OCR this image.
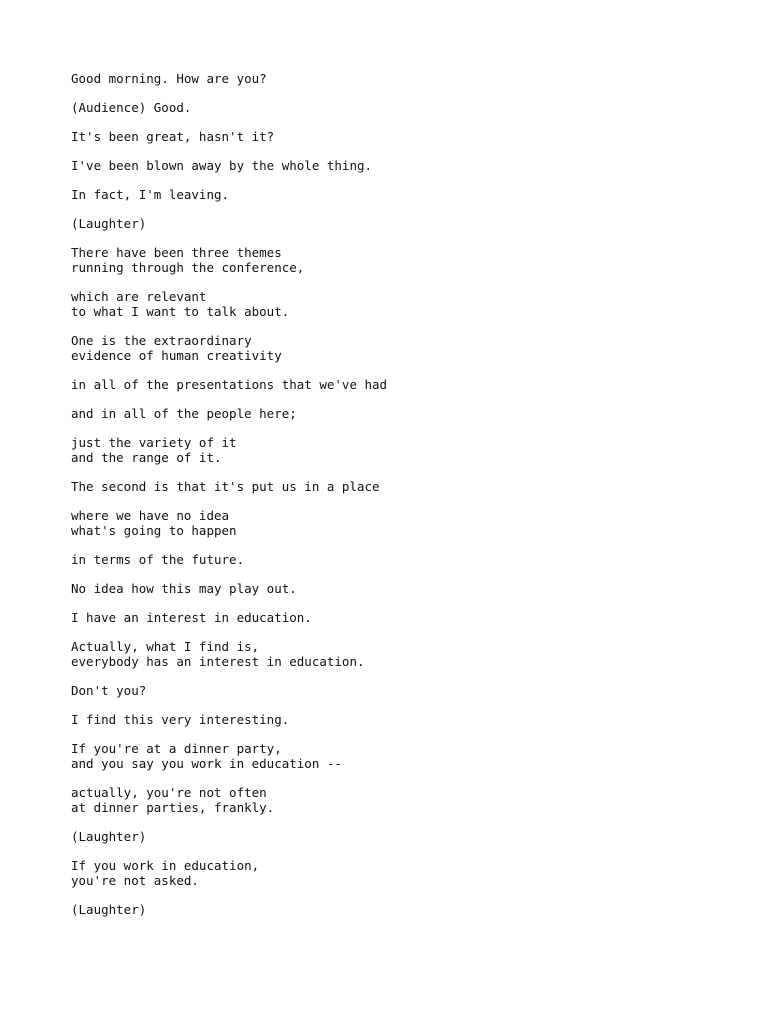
Good morning. How are you?

(Audience) Good.

It's been great, hasn't it?

I've been blown away by the whole thing.

In fact, I'm leaving.

(Laughter)

There have been three themes
running through the conference,

which are relevant
to what I want to talk about.

One is the extraordinary
evidence of human creativity

in all of the presentations that we've had

and in all of the people here;

just the variety of it
and the range of it.

The second is that it's put us in a place

where we have no idea
what's going to happen

in terms of the future.

No idea how this may play out.

I have an interest in education.

Actually, what I find is,
everybody has an interest in education.

Don't you?

I find this very interesting.

If you're at a dinner party,
and you say you work in education --

actually, you're not often
at dinner parties, frankly.

(Laughter)

If you work in education,
you're not asked.

(Laughter)
